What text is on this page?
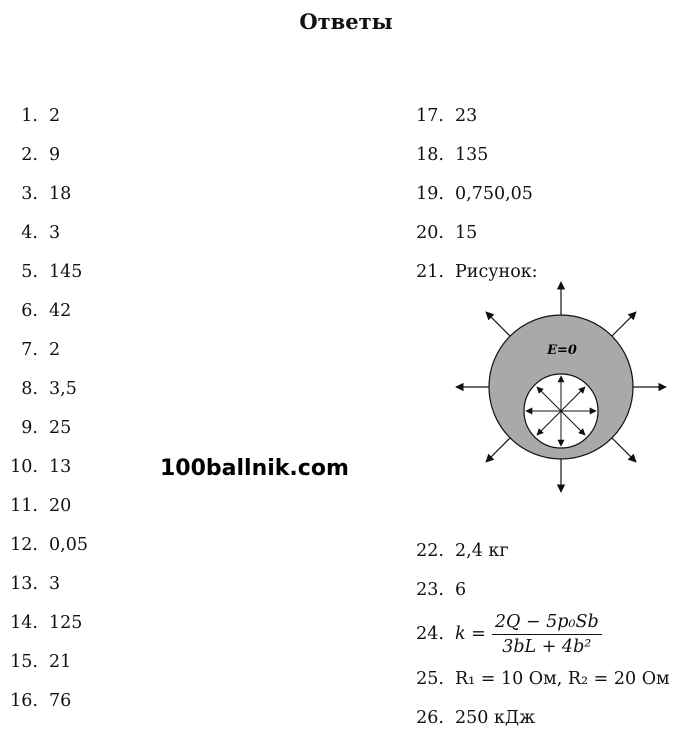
Ответы
1. 2
2. 9
3. 18
4. 3
5. 145
6. 42
7. 2
8. 3,5
9. 25
10. 13
11. 20
12. 0,05
13. 3
14. 125
15. 21
16. 76
17. 23
18. 135
19. 0,750,05
20. 15
21. Рисунок:
22. 2,4 кг
23. 6
24. $k = \frac{\text{2Q − 5p₀Sb}}{\text{3bL + 4b²}}$
25. R₁ = 10 Ом, R₂ = 20 Ом
26. 250 кДж
E=0
100ballnik.com
